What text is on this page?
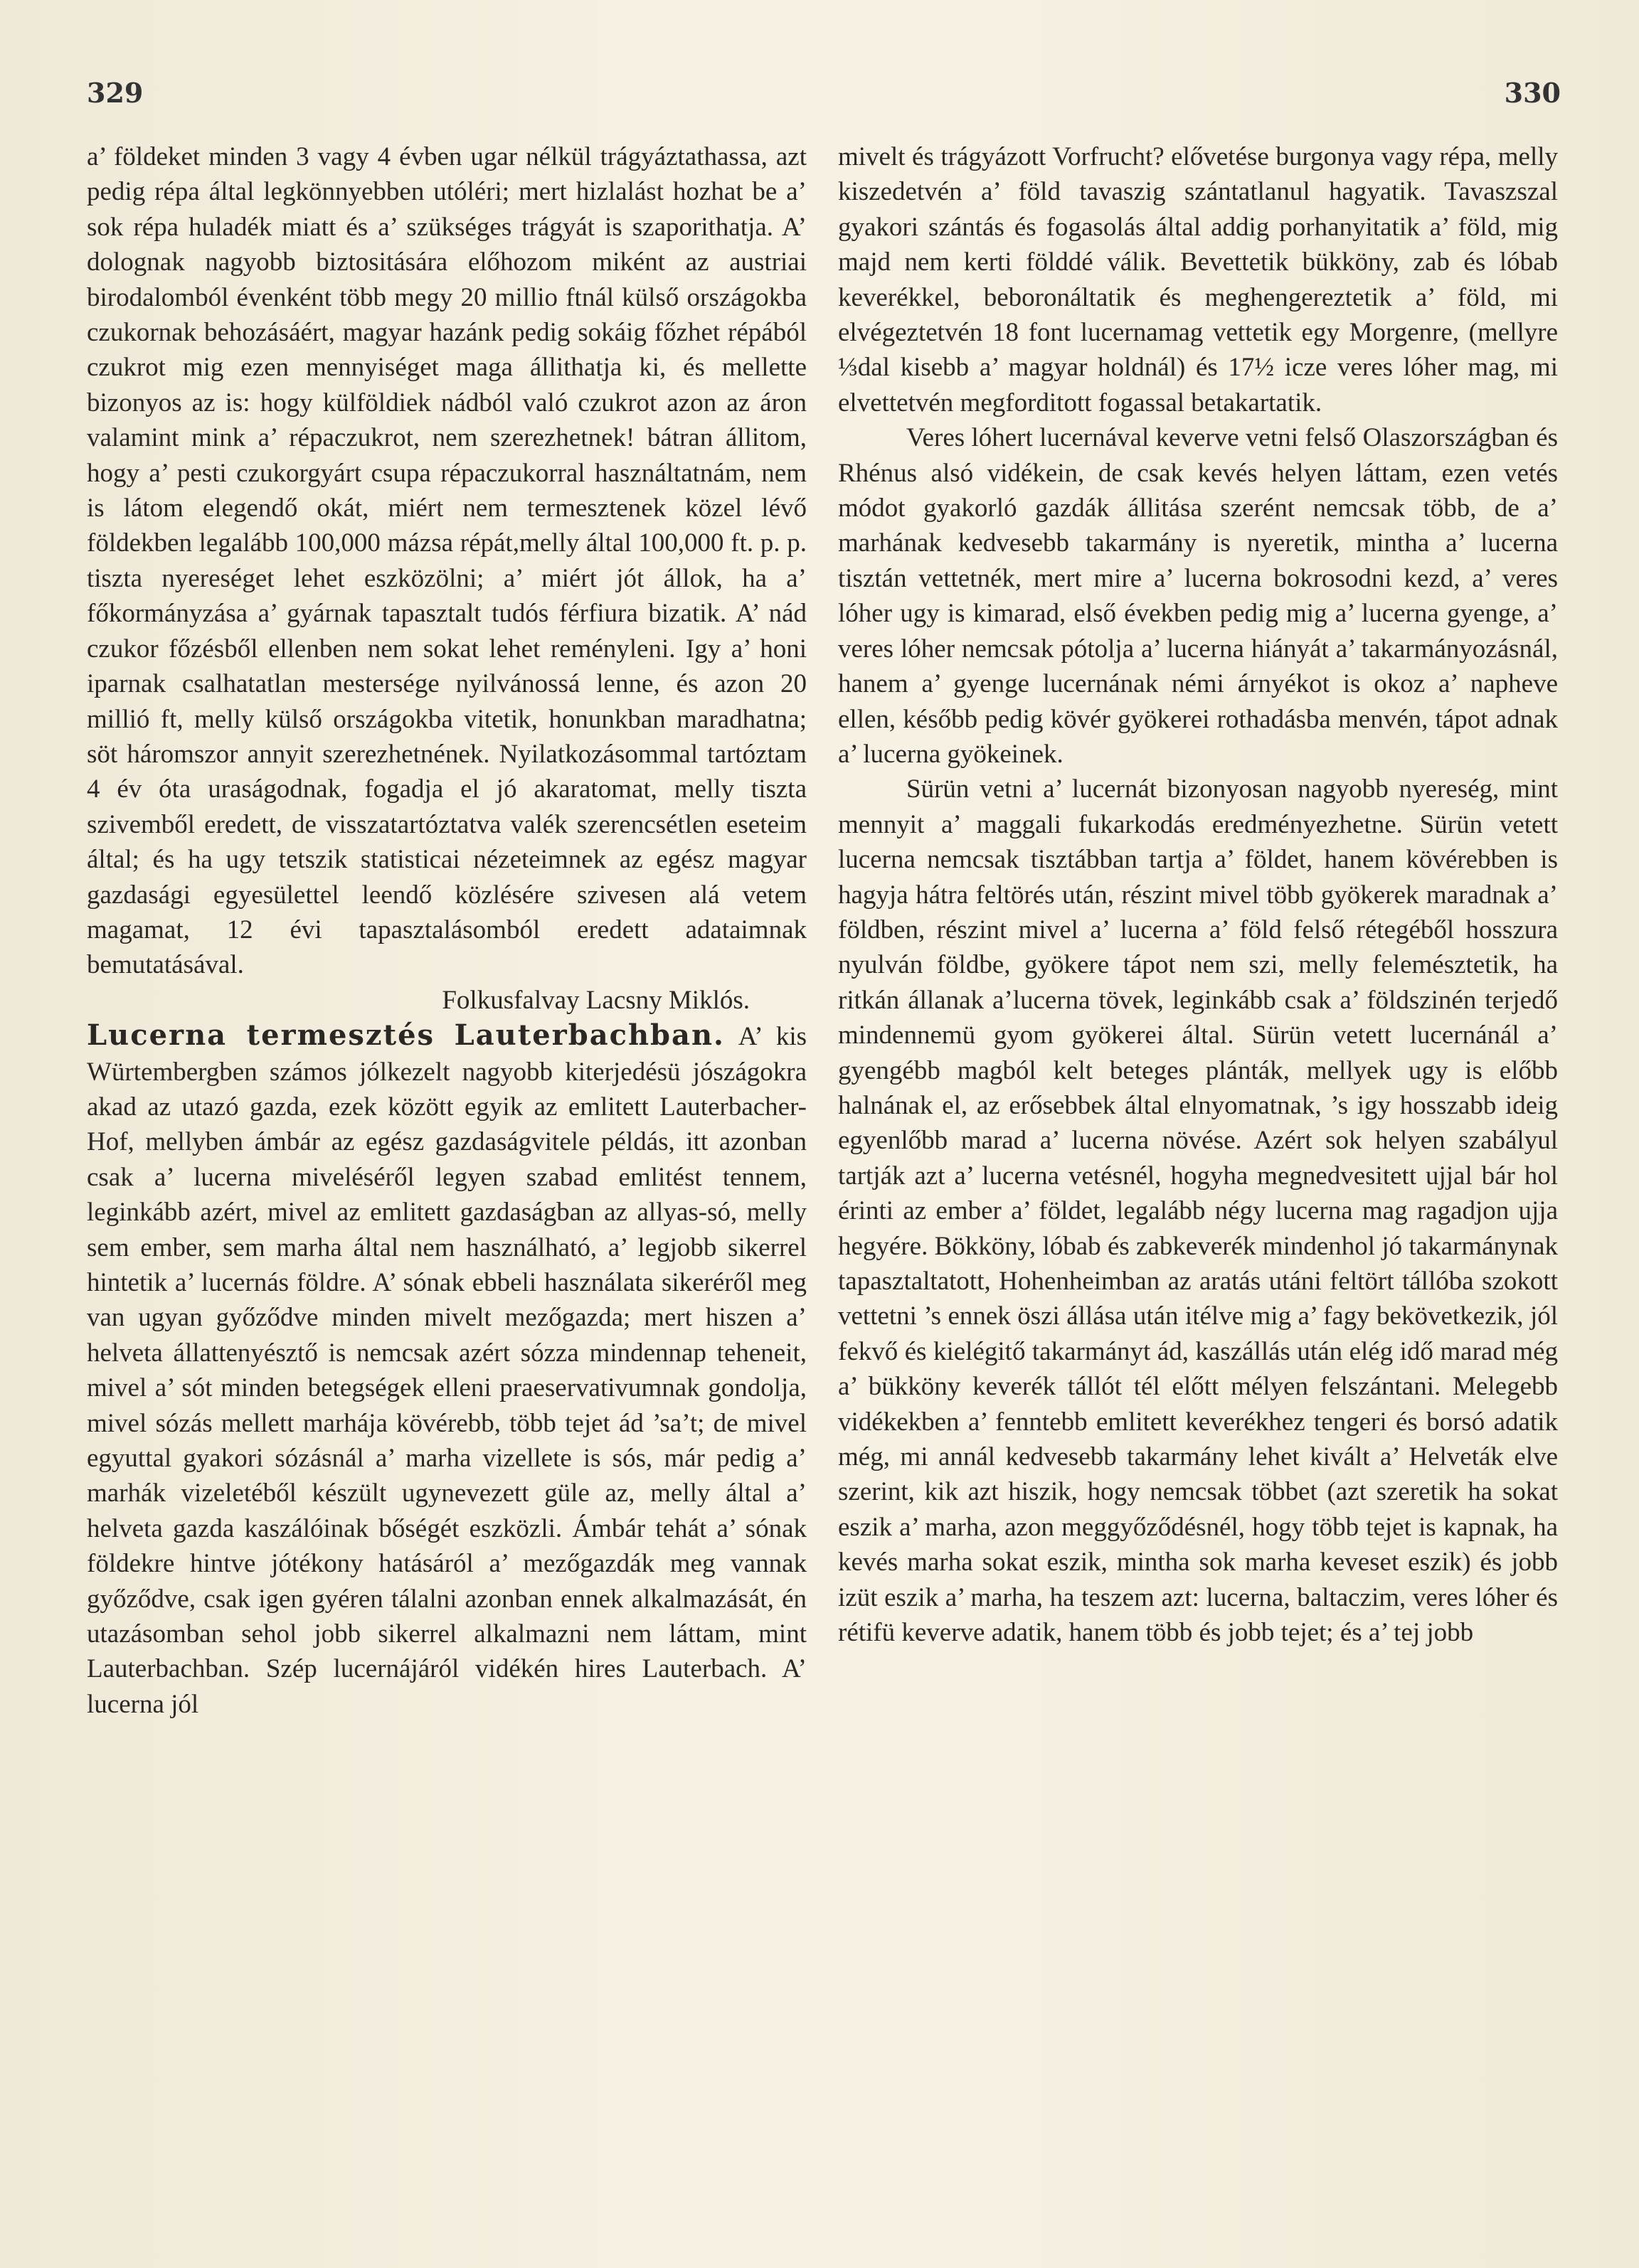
329	330

a’ földeket minden 3 vagy 4 évben ugar nélkül trágyáztathassa, azt pedig répa által legkönnyebben utóléri; mert hizlalást hozhat be a’ sok répa huladék miatt és a’ szükséges trágyát is szaporithatja. A’ dolognak nagyobb biztositására előhozom miként az austriai birodalomból évenként több megy 20 millio ftnál külső országokba czukornak behozásáért, magyar hazánk pedig sokáig főzhet répából czukrot mig ezen mennyiséget maga állithatja ki, és mellette bizonyos az is: hogy külföldiek nádból való czukrot azon az áron valamint mink a’ répaczukrot, nem szerezhetnek! bátran állitom, hogy a’ pesti czukorgyárt csupa répaczukorral használtatnám, nem is látom elegendő okát, miért nem termesztenek közel lévő földekben legalább 100,000 mázsa répát,melly által 100,000 ft. p. p. tiszta nyereséget lehet eszközölni; a’ miért jót állok, ha a’ főkormányzása a’ gyárnak tapasztalt tudós férfiura bizatik. A’ nád czukor főzésből ellenben nem sokat lehet reményleni. Igy a’ honi iparnak csalhatatlan mestersége nyilvánossá lenne, és azon 20 millió ft, melly külső országokba vitetik, honunkban maradhatna; söt háromszor annyit szerezhetnének. Nyilatkozásommal tartóztam 4 év óta uraságodnak, fogadja el jó akaratomat, melly tiszta szivemből eredett, de visszatartóztatva valék szerencsétlen eseteim által; és ha ugy tetszik statisticai nézeteimnek az egész magyar gazdasági egyesülettel leendő közlésére szivesen alá vetem magamat, 12 évi tapasztalásomból eredett adataimnak bemutatásával.

Folkusfalvay Lacsny Miklós.

Lucerna termesztés Lauterbachban. A’ kis Würtembergben számos jólkezelt nagyobb kiterjedésü jószágokra akad az utazó gazda, ezek között egyik az emlitett Lauterbacher-Hof, mellyben ámbár az egész gazdaságvitele példás, itt azonban csak a’ lucerna miveléséről legyen szabad emlitést tennem, leginkább azért, mivel az emlitett gazdaságban az allyas-só, melly sem ember, sem marha által nem használható, a’ legjobb sikerrel hintetik a’ lucernás földre. A’ sónak ebbeli használata sikeréről meg van ugyan győződve minden mivelt mezőgazda; mert hiszen a’ helveta állattenyésztő is nemcsak azért sózza mindennap teheneit, mivel a’ sót minden betegségek elleni praeservativumnak gondolja, mivel sózás mellett marhája kövérebb, több tejet ád ’sa’t; de mivel egyuttal gyakori sózásnál a’ marha vizellete is sós, már pedig a’ marhák vizeletéből készült ugynevezett güle az, melly által a’ helveta gazda kaszálóinak bőségét eszközli. Ámbár tehát a’ sónak földekre hintve jótékony hatásáról a’ mezőgazdák meg vannak győződve, csak igen gyéren tálalni azonban ennek alkalmazását, én utazásomban sehol jobb sikerrel alkalmazni nem láttam, mint Lauterbachban. Szép lucernájáról vidékén hires Lauterbach. A’ lucerna jól

mivelt és trágyázott Vorfrucht? elővetése burgonya vagy répa, melly kiszedetvén a’ föld tavaszig szántatlanul hagyatik. Tavaszszal gyakori szántás és fogasolás által addig porhanyitatik a’ föld, mig majd nem kerti földdé válik. Bevettetik bükköny, zab és lóbab keverékkel, beboronáltatik és meghengereztetik a’ föld, mi elvégeztetvén 18 font lucernamag vettetik egy Morgenre, (mellyre ⅓dal kisebb a’ magyar holdnál) és 17½ icze veres lóher mag, mi elvettetvén megforditott fogassal betakartatik.

Veres lóhert lucernával keverve vetni felső Olaszországban és Rhénus alsó vidékein, de csak kevés helyen láttam, ezen vetés módot gyakorló gazdák állitása szerént nemcsak több, de a’ marhának kedvesebb takarmány is nyeretik, mintha a’ lucerna tisztán vettetnék, mert mire a’ lucerna bokrosodni kezd, a’ veres lóher ugy is kimarad, első években pedig mig a’ lucerna gyenge, a’ veres lóher nemcsak pótolja a’ lucerna hiányát a’ takarmányozásnál, hanem a’ gyenge lucernának némi árnyékot is okoz a’ napheve ellen, később pedig kövér gyökerei rothadásba menvén, tápot adnak a’ lucerna gyökeinek.

Sürün vetni a’ lucernát bizonyosan nagyobb nyereség, mint mennyit a’ maggali fukarkodás eredményezhetne. Sürün vetett lucerna nemcsak tisztábban tartja a’ földet, hanem kövérebben is hagyja hátra feltörés után, részint mivel több gyökerek maradnak a’ földben, részint mivel a’ lucerna a’ föld felső rétegéből hosszura nyulván földbe, gyökere tápot nem szi, melly felemésztetik, ha ritkán állanak a’lucerna tövek, leginkább csak a’ földszinén terjedő mindennemü gyom gyökerei által. Sürün vetett lucernánál a’ gyengébb magból kelt beteges plánták, mellyek ugy is előbb halnának el, az erősebbek által elnyomatnak, ’s igy hosszabb ideig egyenlőbb marad a’ lucerna növése. Azért sok helyen szabályul tartják azt a’ lucerna vetésnél, hogyha megnedvesitett ujjal bár hol érinti az ember a’ földet, legalább négy lucerna mag ragadjon ujja hegyére. Bökköny, lóbab és zabkeverék mindenhol jó takarmánynak tapasztaltatott, Hohenheimban az aratás utáni feltört tállóba szokott vettetni ’s ennek öszi állása után itélve mig a’ fagy bekövetkezik, jól fekvő és kielégitő takarmányt ád, kaszállás után elég idő marad még a’ bükköny keverék tállót tél előtt mélyen felszántani. Melegebb vidékekben a’ fenntebb emlitett keverékhez tengeri és borsó adatik még, mi annál kedvesebb takarmány lehet kivált a’ Helveták elve szerint, kik azt hiszik, hogy nemcsak többet (azt szeretik ha sokat eszik a’ marha, azon meggyőződésnél, hogy több tejet is kapnak, ha kevés marha sokat eszik, mintha sok marha keveset eszik) és jobb izüt eszik a’ marha, ha teszem azt: lucerna, baltaczim, veres lóher és rétifü keverve adatik, hanem több és jobb tejet; és a’ tej jobb
